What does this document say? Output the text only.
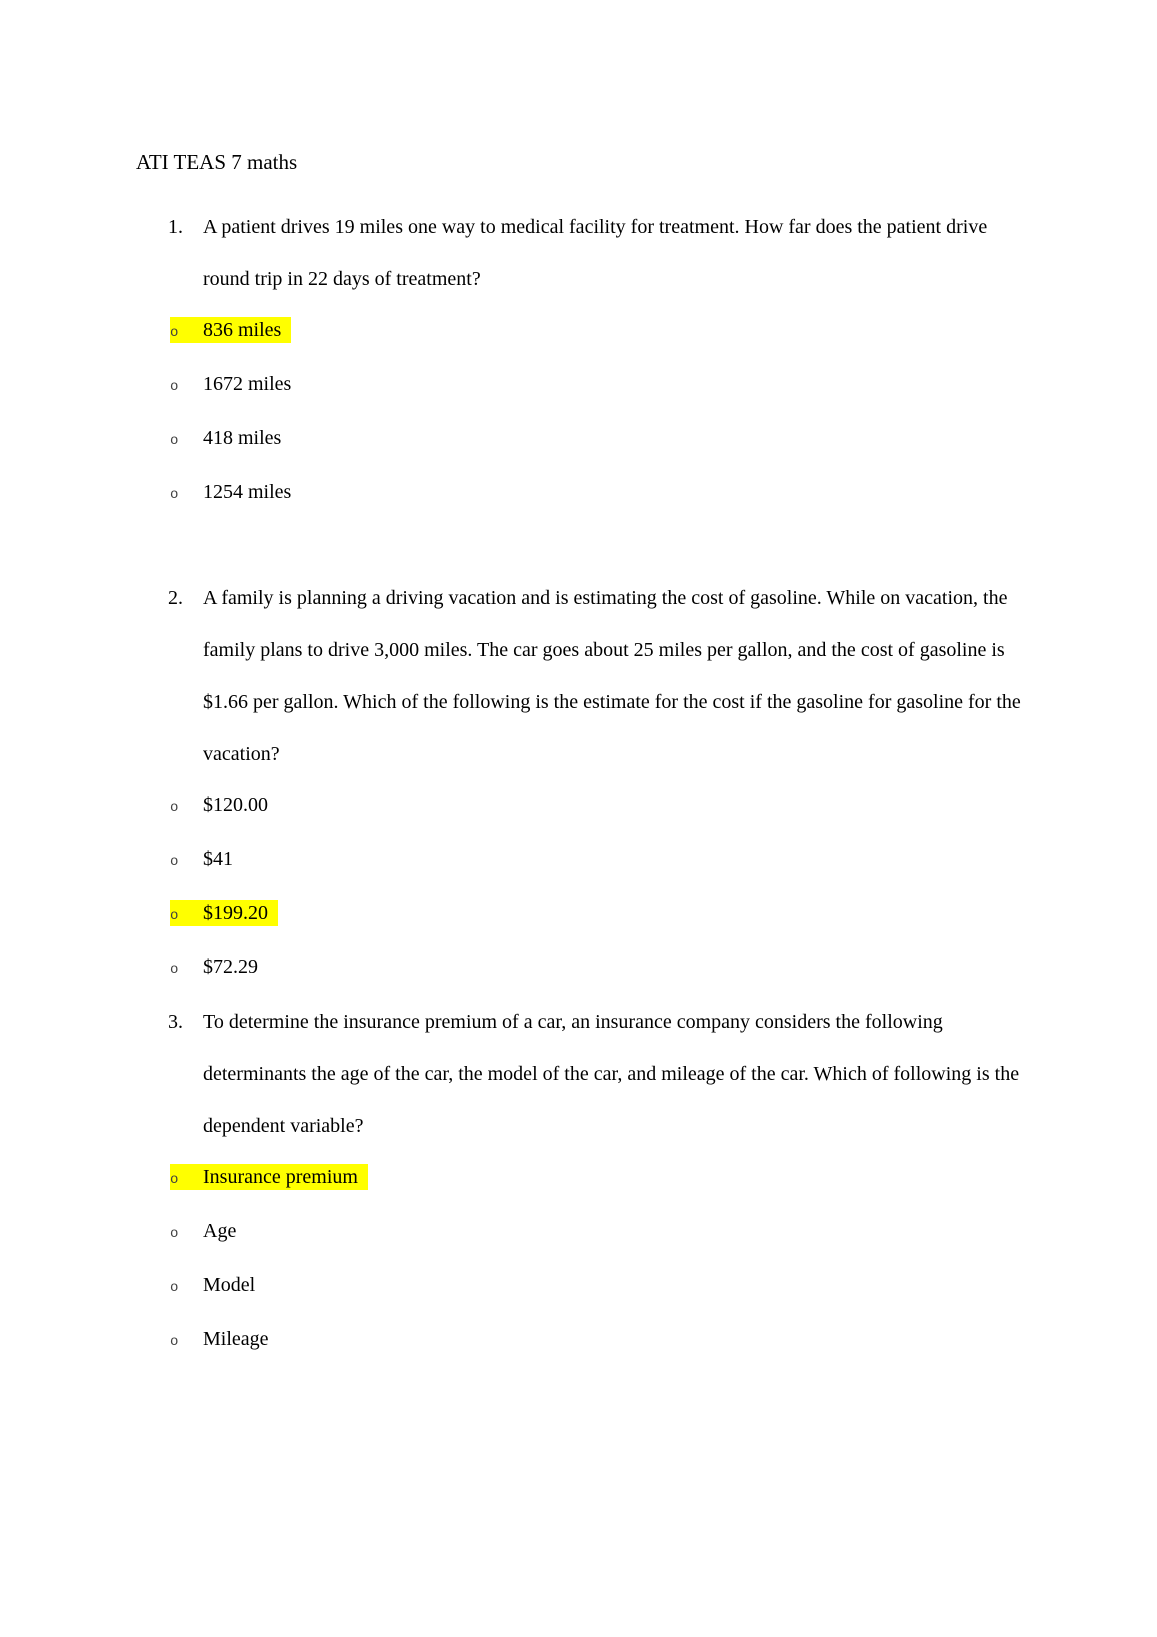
ATI TEAS 7 maths
1.	A patient drives 19 miles one way to medical facility for treatment. How far does the patient drive round trip in 22 days of treatment?
o 836 miles
o 1672 miles
o 418 miles
o 1254 miles
2.	A family is planning a driving vacation and is estimating the cost of gasoline. While on vacation, the family plans to drive 3,000 miles. The car goes about 25 miles per gallon, and the cost of gasoline is $1.66 per gallon. Which of the following is the estimate for the cost if the gasoline for gasoline for the vacation?
o $120.00
o $41
o $199.20
o $72.29
3.	To determine the insurance premium of a car, an insurance company considers the following determinants the age of the car, the model of the car, and mileage of the car. Which of following is the dependent variable?
o Insurance premium
o Age
o Model
o Mileage
